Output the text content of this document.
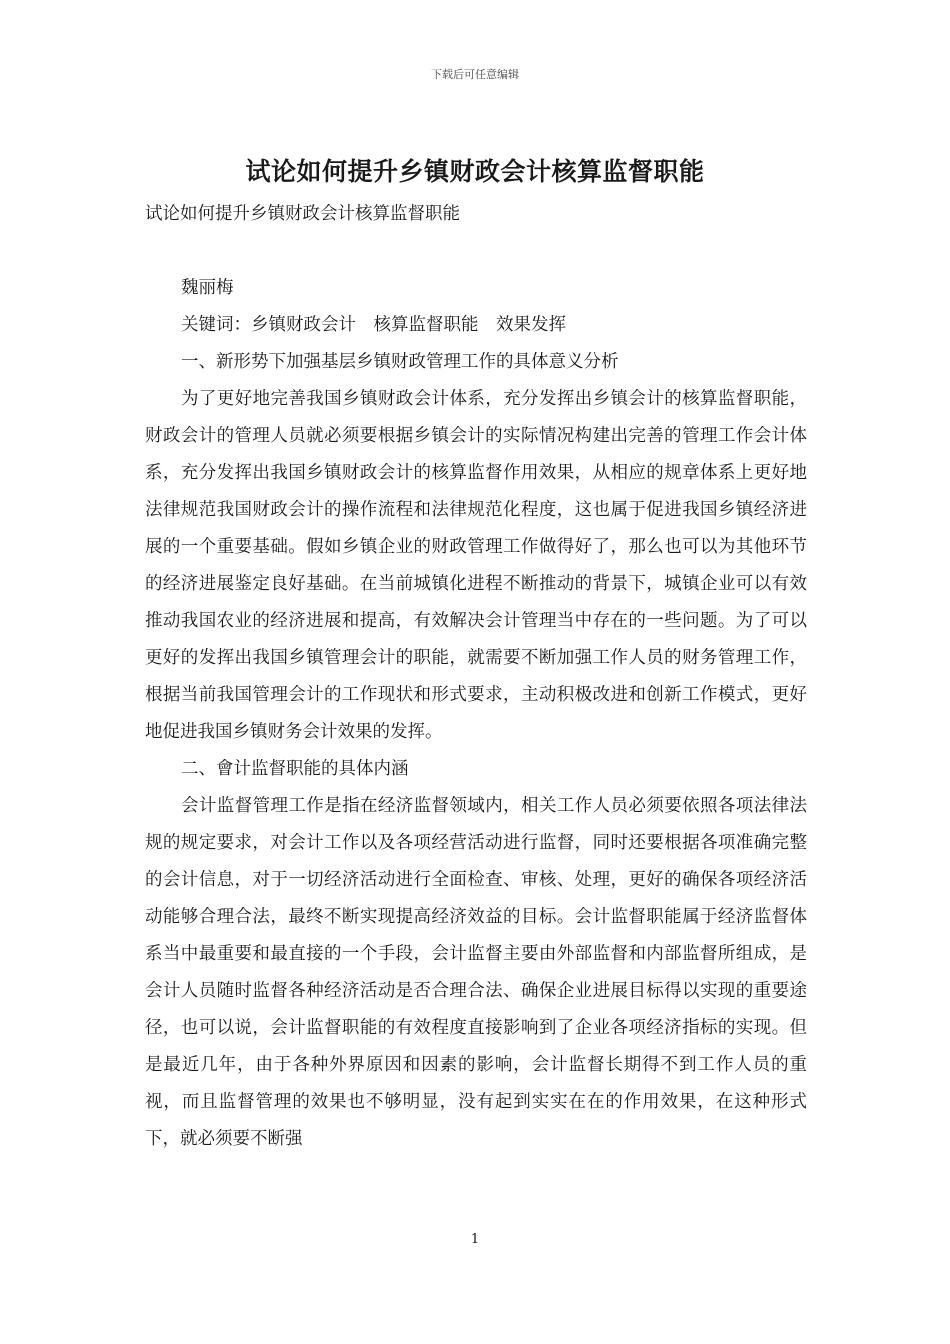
下载后可任意编辑
试论如何提升乡镇财政会计核算监督职能

试论如何提升乡镇财政会计核算监督职能

魏丽梅

关键词：乡镇财政会计　核算监督职能　效果发挥

一、新形势下加强基层乡镇财政管理工作的具体意义分析

为了更好地完善我国乡镇财政会计体系，充分发挥出乡镇会计的核算监督职能，财政会计的管理人员就必须要根据乡镇会计的实际情况构建出完善的管理工作会计体系，充分发挥出我国乡镇财政会计的核算监督作用效果，从相应的规章体系上更好地法律规范我国财政会计的操作流程和法律规范化程度，这也属于促进我国乡镇经济进展的一个重要基础。假如乡镇企业的财政管理工作做得好了，那么也可以为其他环节的经济进展鉴定良好基础。在当前城镇化进程不断推动的背景下，城镇企业可以有效推动我国农业的经济进展和提高，有效解决会计管理当中存在的一些问题。为了可以更好的发挥出我国乡镇管理会计的职能，就需要不断加强工作人员的财务管理工作，根据当前我国管理会计的工作现状和形式要求，主动积极改进和创新工作模式，更好地促进我国乡镇财务会计效果的发挥。

二、會计监督职能的具体内涵

会计监督管理工作是指在经济监督领域内，相关工作人员必须要依照各项法律法规的规定要求，对会计工作以及各项经营活动进行监督，同时还要根据各项准确完整的会计信息，对于一切经济活动进行全面检查、审核、处理，更好的确保各项经济活动能够合理合法，最终不断实现提高经济效益的目标。会计监督职能属于经济监督体系当中最重要和最直接的一个手段，会计监督主要由外部监督和内部监督所组成，是会计人员随时监督各种经济活动是否合理合法、确保企业进展目标得以实现的重要途径，也可以说，会计监督职能的有效程度直接影响到了企业各项经济指标的实现。但是最近几年，由于各种外界原因和因素的影响，会计监督长期得不到工作人员的重视，而且监督管理的效果也不够明显，没有起到实实在在的作用效果，在这种形式下，就必须要不断强

1
